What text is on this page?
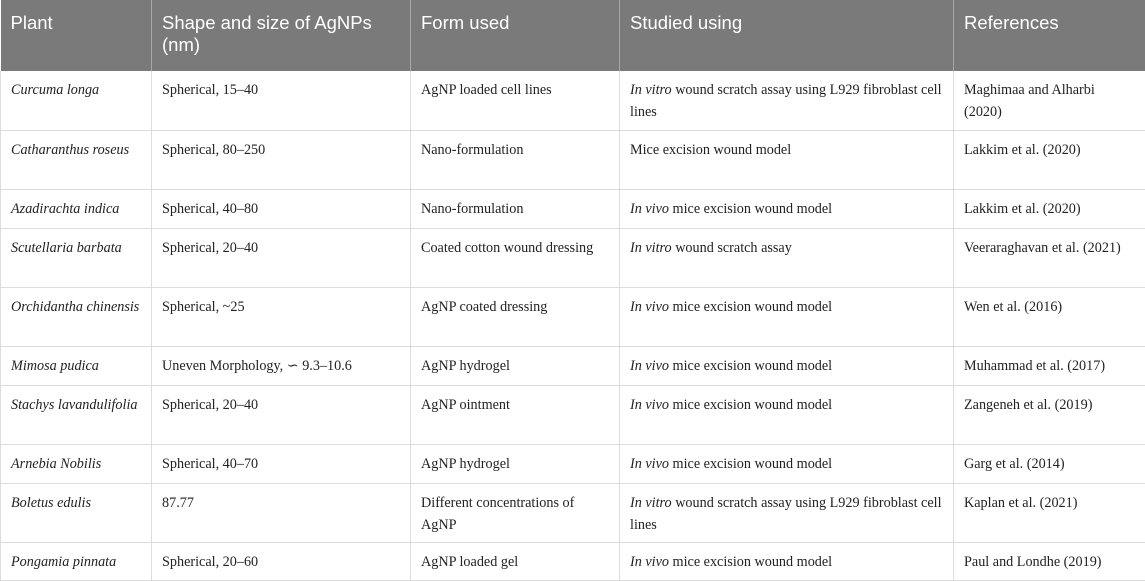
Plant	Shape and size of AgNPs (nm)	Form used	Studied using	References
Curcuma longa	Spherical, 15–40	AgNP loaded cell lines	In vitro wound scratch assay using L929 fibroblast cell lines	Maghimaa and Alharbi (2020)
Catharanthus roseus	Spherical, 80–250	Nano-formulation	Mice excision wound model	Lakkim et al. (2020)
Azadirachta indica	Spherical, 40–80	Nano-formulation	In vivo mice excision wound model	Lakkim et al. (2020)
Scutellaria barbata	Spherical, 20–40	Coated cotton wound dressing	In vitro wound scratch assay	Veeraraghavan et al. (2021)
Orchidantha chinensis	Spherical, ~25	AgNP coated dressing	In vivo mice excision wound model	Wen et al. (2016)
Mimosa pudica	Uneven Morphology, ∽ 9.3–10.6	AgNP hydrogel	In vivo mice excision wound model	Muhammad et al. (2017)
Stachys lavandulifolia	Spherical, 20–40	AgNP ointment	In vivo mice excision wound model	Zangeneh et al. (2019)
Arnebia Nobilis	Spherical, 40–70	AgNP hydrogel	In vivo mice excision wound model	Garg et al. (2014)
Boletus edulis	87.77	Different concentrations of AgNP	In vitro wound scratch assay using L929 fibroblast cell lines	Kaplan et al. (2021)
Pongamia pinnata	Spherical, 20–60	AgNP loaded gel	In vivo mice excision wound model	Paul and Londhe (2019)
